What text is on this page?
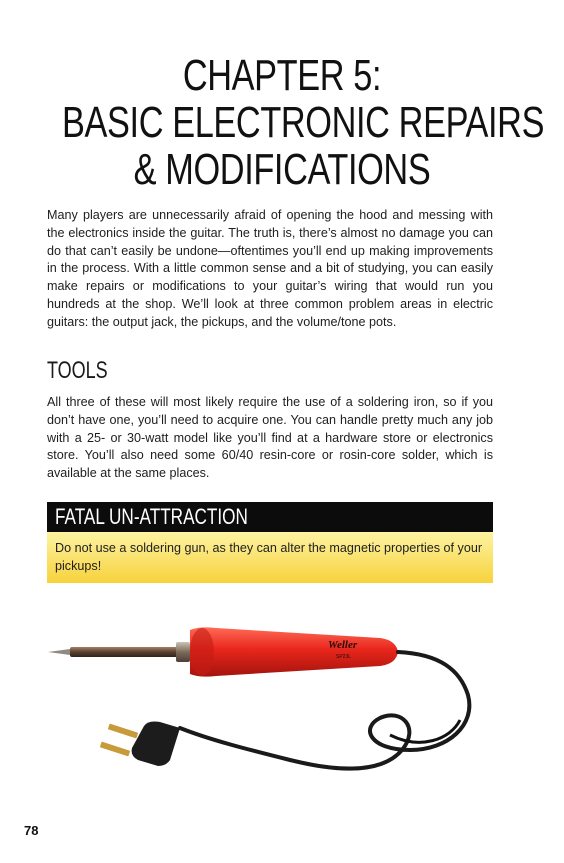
CHAPTER 5:
BASIC ELECTRONIC REPAIRS
& MODIFICATIONS

Many players are unnecessarily afraid of opening the hood and messing with the electronics inside the guitar. The truth is, there’s almost no damage you can do that can’t easily be undone—oftentimes you’ll end up making improvements in the process. With a little common sense and a bit of studying, you can easily make repairs or modifications to your guitar’s wiring that would run you hundreds at the shop. We’ll look at three common problem areas in electric guitars: the output jack, the pickups, and the volume/tone pots.

TOOLS

All three of these will most likely require the use of a soldering iron, so if you don’t have one, you’ll need to acquire one. You can handle pretty much any job with a 25- or 30-watt model like you’ll find at a hardware store or electronics store. You’ll also need some 60/40 resin-core or rosin-core solder, which is available at the same places.

FATAL UN-ATTRACTION
Do not use a soldering gun, as they can alter the magnetic properties of your pickups!
Weller
SP23L
78
